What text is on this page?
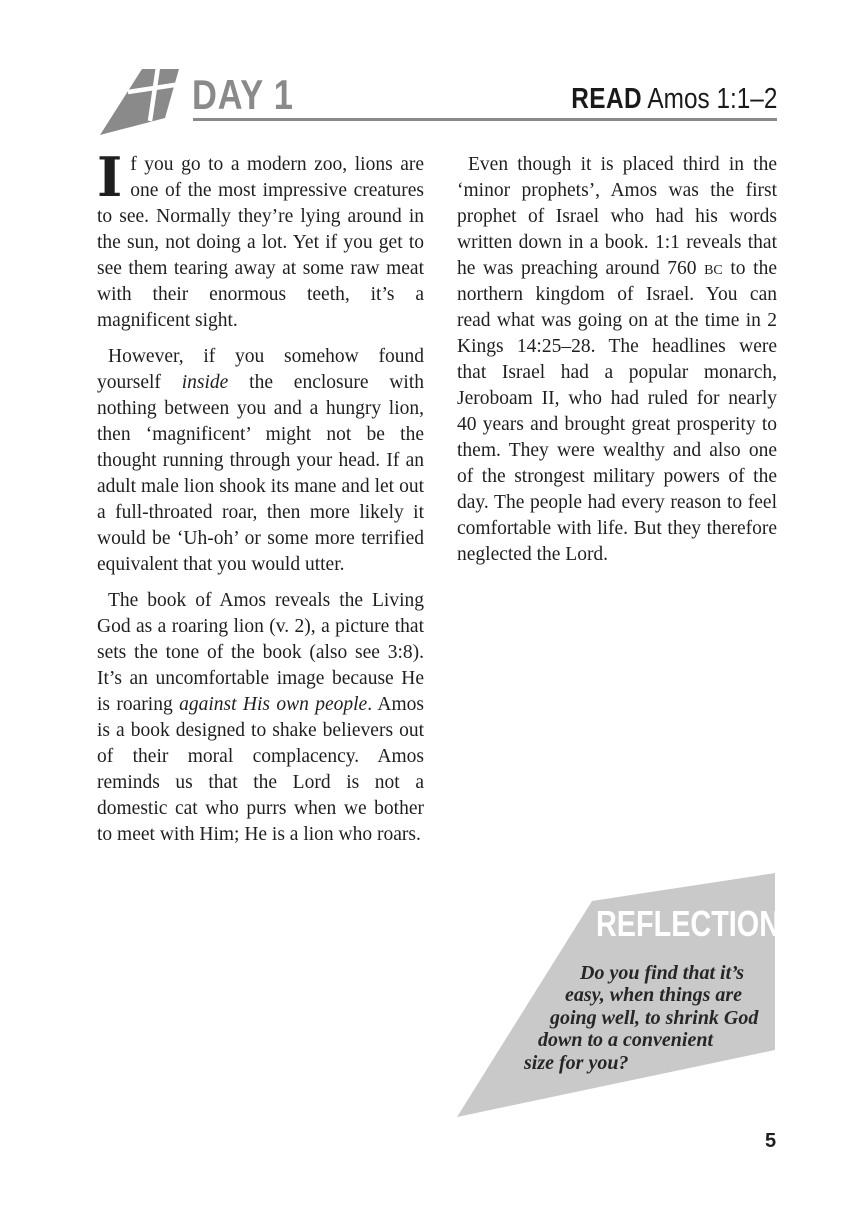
DAY 1	READ Amos 1:1–2

If you go to a modern zoo, lions are one of the most impressive creatures to see. Normally they’re lying around in the sun, not doing a lot. Yet if you get to see them tearing away at some raw meat with their enormous teeth, it’s a magnificent sight.

However, if you somehow found yourself inside the enclosure with nothing between you and a hungry lion, then ‘magnificent’ might not be the thought running through your head. If an adult male lion shook its mane and let out a full-throated roar, then more likely it would be ‘Uh-oh’ or some more terrified equivalent that you would utter.

The book of Amos reveals the Living God as a roaring lion (v. 2), a picture that sets the tone of the book (also see 3:8). It’s an uncomfortable image because He is roaring against His own people. Amos is a book designed to shake believers out of their moral complacency. Amos reminds us that the Lord is not a domestic cat who purrs when we bother to meet with Him; He is a lion who roars.

Even though it is placed third in the ‘minor prophets’, Amos was the first prophet of Israel who had his words written down in a book. 1:1 reveals that he was preaching around 760 bc to the northern kingdom of Israel. You can read what was going on at the time in 2 Kings 14:25–28. The headlines were that Israel had a popular monarch, Jeroboam II, who had ruled for nearly 40 years and brought great prosperity to them. They were wealthy and also one of the strongest military powers of the day. The people had every reason to feel comfortable with life. But they therefore neglected the Lord.

REFLECTION
Do you find that it’s
easy, when things are
going well, to shrink God
down to a convenient
size for you?
5
